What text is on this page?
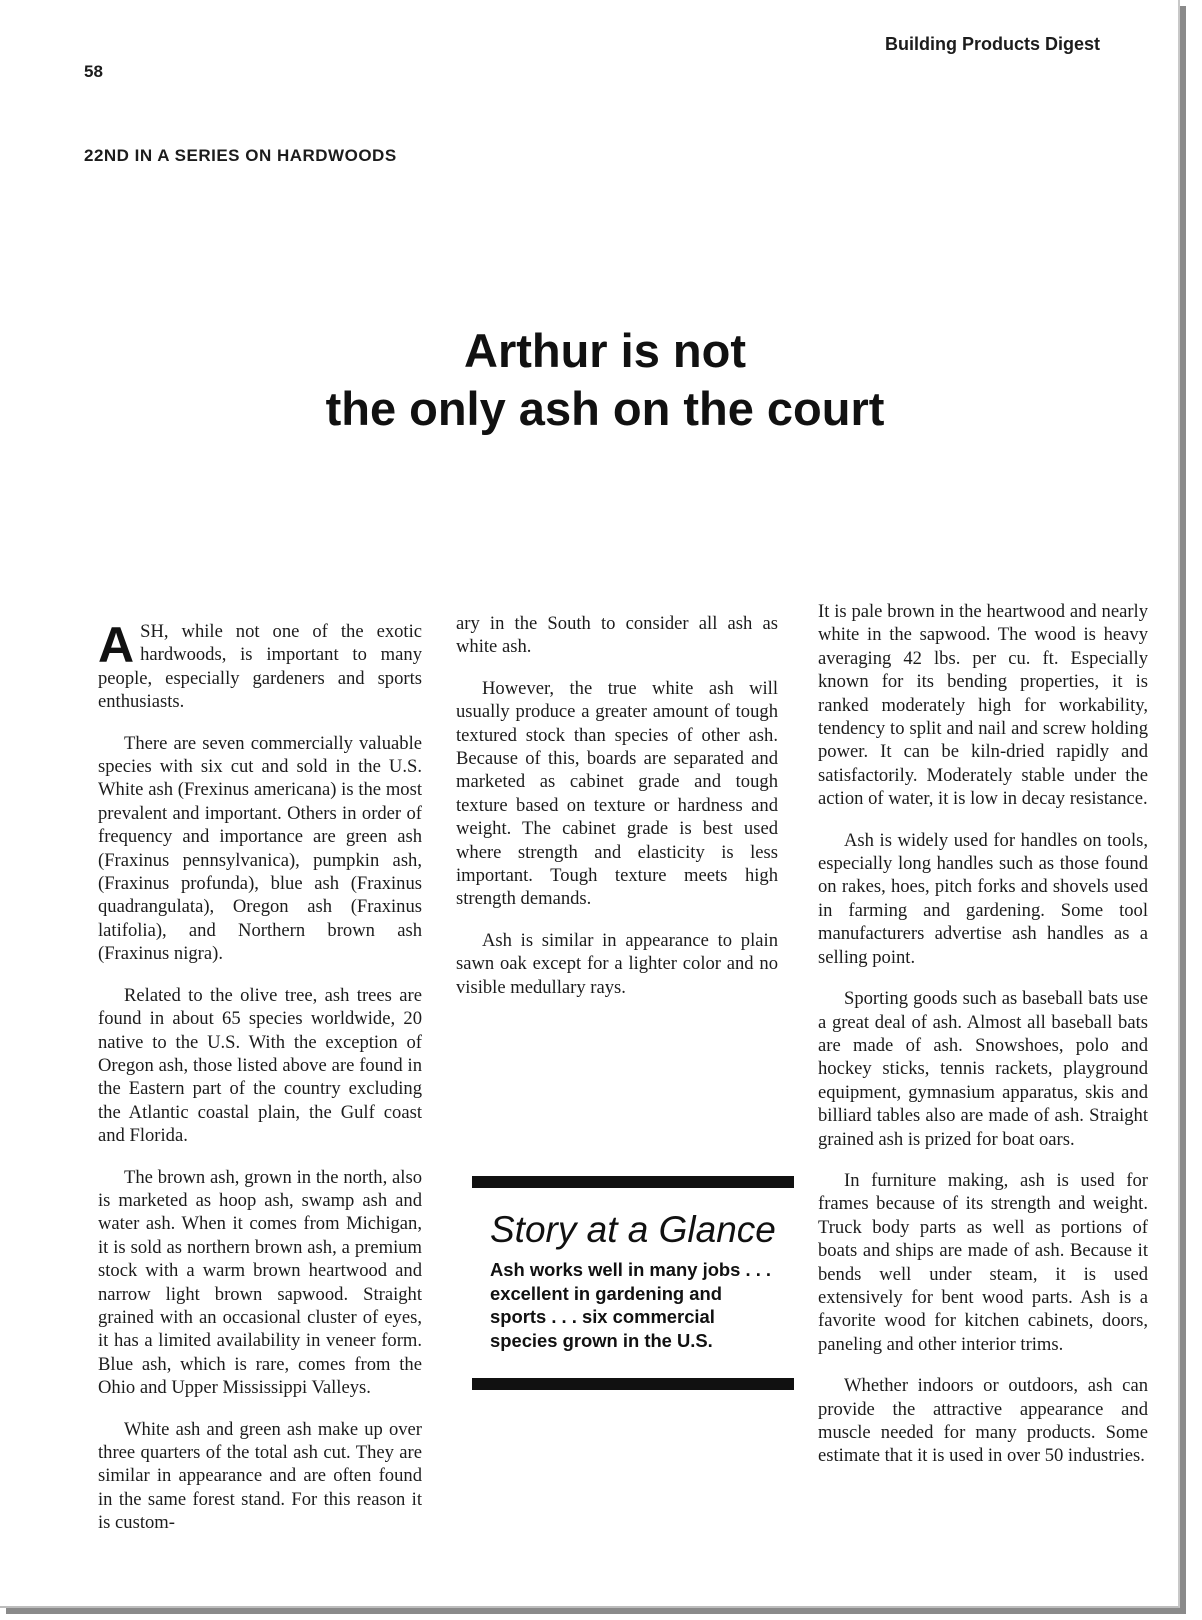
Building Products Digest
58
22ND IN A SERIES ON HARDWOODS
Arthur is not
the only ash on the court

ASH, while not one of the exotic hardwoods, is important to many people, especially gardeners and sports enthusiasts.

There are seven commercially valuable species with six cut and sold in the U.S. White ash (Frexinus americana) is the most prevalent and important. Others in order of frequency and importance are green ash (Fraxinus pennsylvanica), pumpkin ash, (Fraxinus profunda), blue ash (Fraxinus quadrangulata), Oregon ash (Fraxinus latifolia), and Northern brown ash (Fraxinus nigra).

Related to the olive tree, ash trees are found in about 65 species worldwide, 20 native to the U.S. With the exception of Oregon ash, those listed above are found in the Eastern part of the country excluding the Atlantic coastal plain, the Gulf coast and Florida.

The brown ash, grown in the north, also is marketed as hoop ash, swamp ash and water ash. When it comes from Michigan, it is sold as northern brown ash, a premium stock with a warm brown heartwood and narrow light brown sapwood. Straight grained with an occasional cluster of eyes, it has a limited availability in veneer form. Blue ash, which is rare, comes from the Ohio and Upper Mississippi Valleys.

White ash and green ash make up over three quarters of the total ash cut. They are similar in appearance and are often found in the same forest stand. For this reason it is custom-

ary in the South to consider all ash as white ash.

However, the true white ash will usually produce a greater amount of tough textured stock than species of other ash. Because of this, boards are separated and marketed as cabinet grade and tough texture based on texture or hardness and weight. The cabinet grade is best used where strength and elasticity is less important. Tough texture meets high strength demands.

Ash is similar in appearance to plain sawn oak except for a lighter color and no visible medullary rays.

Story at a Glance
Ash works well in many jobs . . . excellent in gardening and sports . . . six commercial species grown in the U.S.

It is pale brown in the heartwood and nearly white in the sapwood. The wood is heavy averaging 42 lbs. per cu. ft. Especially known for its bending properties, it is ranked moderately high for workability, tendency to split and nail and screw holding power. It can be kiln-dried rapidly and satisfactorily. Moderately stable under the action of water, it is low in decay resistance.

Ash is widely used for handles on tools, especially long handles such as those found on rakes, hoes, pitch forks and shovels used in farming and gardening. Some tool manufacturers advertise ash handles as a selling point.

Sporting goods such as baseball bats use a great deal of ash. Almost all baseball bats are made of ash. Snowshoes, polo and hockey sticks, tennis rackets, playground equipment, gymnasium apparatus, skis and billiard tables also are made of ash. Straight grained ash is prized for boat oars.

In furniture making, ash is used for frames because of its strength and weight. Truck body parts as well as portions of boats and ships are made of ash. Because it bends well under steam, it is used extensively for bent wood parts. Ash is a favorite wood for kitchen cabinets, doors, paneling and other interior trims.

Whether indoors or outdoors, ash can provide the attractive appearance and muscle needed for many products. Some estimate that it is used in over 50 industries.
